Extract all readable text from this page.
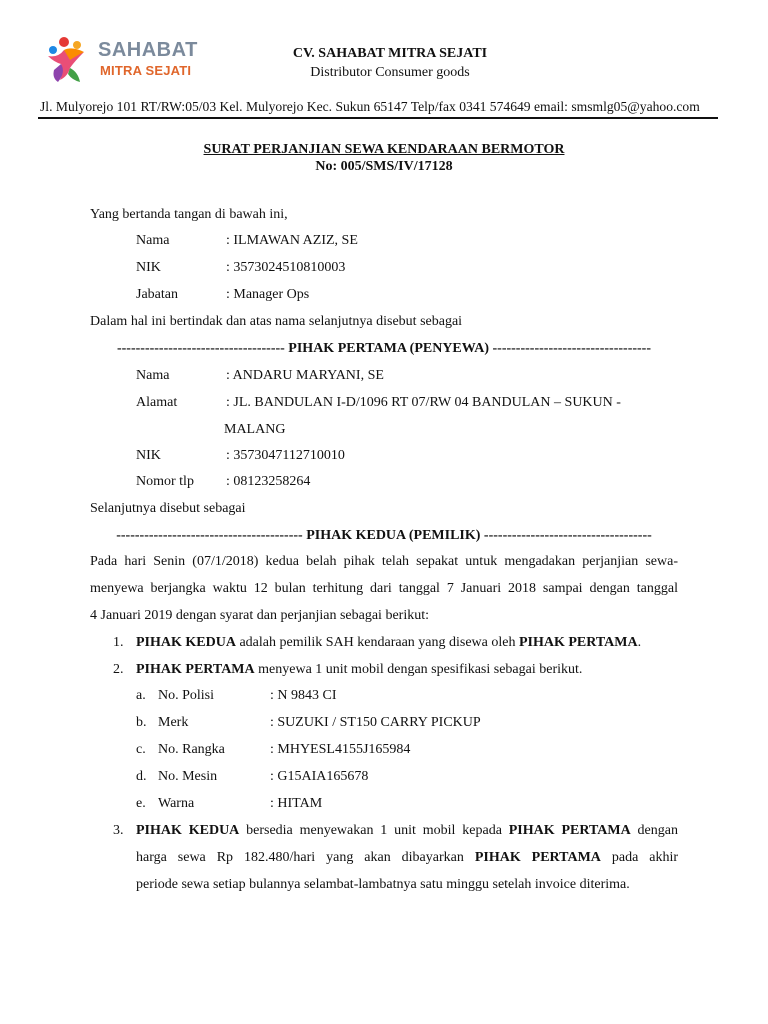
SAHABAT
MITRA SEJATI
CV. SAHABAT MITRA SEJATI
Distributor Consumer goods
Jl. Mulyorejo 101 RT/RW:05/03 Kel. Mulyorejo Kec. Sukun 65147 Telp/fax 0341 574649 email: smsmlg05@yahoo.com
SURAT PERJANJIAN SEWA KENDARAAN BERMOTOR
No: 005/SMS/IV/17128
Yang bertanda tangan di bawah ini,
Nama	: ILMAWAN AZIZ, SE
NIK	: 3573024510810003
Jabatan	: Manager Ops
Dalam hal ini bertindak dan atas nama selanjutnya disebut sebagai
------------------------------------ PIHAK PERTAMA (PENYEWA) ----------------------------------
Nama	: ANDARU MARYANI, SE
Alamat	: JL. BANDULAN I-D/1096 RT 07/RW 04 BANDULAN – SUKUN -
MALANG
NIK	: 3573047112710010
Nomor tlp : 08123258264
Selanjutnya disebut sebagai
---------------------------------------- PIHAK KEDUA (PEMILIK) ------------------------------------
Pada hari Senin (07/1/2018) kedua belah pihak telah sepakat untuk mengadakan perjanjian sewa-
menyewa berjangka waktu 12 bulan terhitung dari tanggal 7 Januari 2018 sampai dengan tanggal
4 Januari 2019 dengan syarat dan perjanjian sebagai berikut:
1. PIHAK KEDUA adalah pemilik SAH kendaraan yang disewa oleh PIHAK PERTAMA.
2. PIHAK PERTAMA menyewa 1 unit mobil dengan spesifikasi sebagai berikut.
a. No. Polisi	: N 9843 CI
b. Merk	: SUZUKI / ST150 CARRY PICKUP
c. No. Rangka	: MHYESL4155J165984
d. No. Mesin	: G15AIA165678
e. Warna	: HITAM
3. PIHAK KEDUA bersedia menyewakan 1 unit mobil kepada PIHAK PERTAMA dengan
harga sewa Rp 182.480/hari yang akan dibayarkan PIHAK PERTAMA pada akhir
periode sewa setiap bulannya selambat-lambatnya satu minggu setelah invoice diterima.
